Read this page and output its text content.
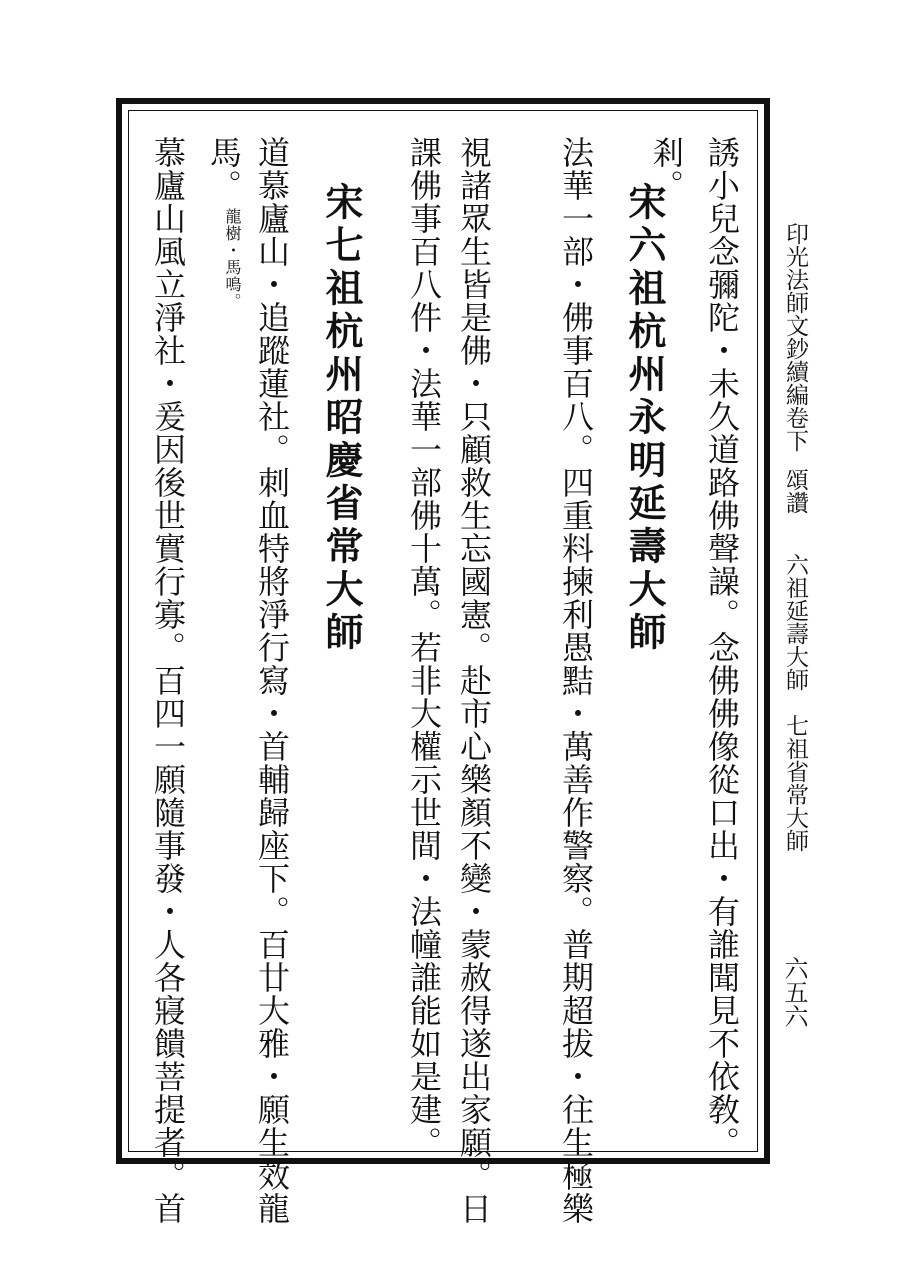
印光法師文鈔續編卷下
頌讚
六祖延壽大師　七祖省常大師
六五六
誘小兒念彌陀・未久道路佛聲譟。念佛佛像從口出・有誰聞見不依敎。
剎。
法華一部・佛事百八。四重料揀利愚黠・萬善作警察。普期超拔・往生極樂 宋六祖杭州永明延壽大師
視諸眾生皆是佛・只顧救生忘國憲。赴市心樂顏不變・蒙赦得遂出家願。日
課佛事百八件・法華一部佛十萬。若非大權示世間・法幢誰能如是建。
宋七祖杭州昭慶省常大師
道慕廬山・追蹤蓮社。刺血特將淨行寫・首輔歸座下。百廿大雅・願生效龍
馬。龍樹・馬鳴。
慕廬山風立淨社・爰因後世實行寡。百四一願隨事發・人各寢饋菩提者。首
